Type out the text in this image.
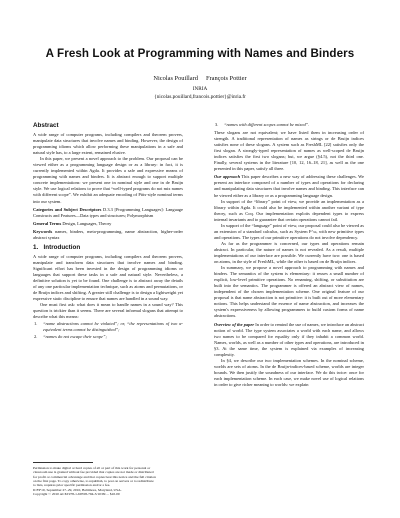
A Fresh Look at Programming with Names and Binders
Nicolas Pouillard     François Pottier
INRIA
{nicolas.pouillard,francois.pottier}@inria.fr
Abstract

A wide range of computer programs, including compilers and theorem provers, manipulate data structures that involve names and binding. However, the design of programming idioms which allow performing these manipulations in a safe and natural style has, to a large extent, remained elusive.

In this paper, we present a novel approach to the problem. Our proposal can be viewed either as a programming language design or as a library: in fact, it is currently implemented within Agda. It provides a safe and expressive means of programming with names and binders. It is abstract enough to support multiple concrete implementations: we present one in nominal style and one in de Bruijn style. We use logical relations to prove that “well-typed programs do not mix names with different scope”. We exhibit an adequate encoding of Pitts-style nominal terms into our system.

Categories and Subject Descriptors D.3.3 [Programming Languages]: Language Constructs and Features—Data types and structures; Polymorphism

General Terms Design, Languages, Theory

Keywords names, binders, meta-programming, name abstraction, higher-order abstract syntax

1.   Introduction

A wide range of computer programs, including compilers and theorem provers, manipulate and transform data structures that involve names and binding. Significant effort has been invested in the design of programming idioms or languages that support these tasks in a safe and natural style. Nevertheless, a definitive solution is yet to be found. One challenge is to abstract away the details of any one particular implementation technique, such as atoms and permutations, or de Bruijn indices and shifting. A greater still challenge is to design a lightweight yet expressive static discipline to ensure that names are handled in a sound way.

One must first ask: what does it mean to handle names in a sound way? This question is trickier than it seems. There are several informal slogans that attempt to describe what this means:

1. “name abstractions cannot be violated”; or, “the representations of two α-equivalent terms cannot be distinguished”;
2. “names do not escape their scope”;
Permission to make digital or hard copies of all or part of this work for personal or
classroom use is granted without fee provided that copies are not made or distributed
for profit or commercial advantage and that copies bear this notice and the full citation
on the first page. To copy otherwise, to republish, to post on servers or to redistribute
to lists, requires prior specific permission and/or a fee.
ICFP'10, September 27–29, 2010, Baltimore, Maryland, USA.
Copyright © 2010 ACM 978-1-60558-794-3/10/09… $10.00
3. “names with different scopes cannot be mixed”.

These slogans are not equivalent; we have listed them in increasing order of strength. A traditional representation of names as strings or de Bruijn indices satisfies none of these slogans. A system such as FreshML [22] satisfies only the first slogan. A strongly-typed representation of names as well-scoped de Bruijn indices satisfies the first two slogans; but, we argue (§4.5), not the third one. Finally, several systems in the literature [10, 12, 16–18, 21], as well as the one presented in this paper, satisfy all three.

Our approach This paper describes a new way of addressing these challenges. We present an interface composed of a number of types and operations for declaring and manipulating data structures that involve names and binding. This interface can be viewed either as a library or as a programming language design.

In support of the “library” point of view, we provide an implementation as a library within Agda. It could also be implemented within another variant of type theory, such as Coq. Our implementation exploits dependent types to express internal invariants and to guarantee that certain operations cannot fail.

In support of the “language” point of view, our proposal could also be viewed as an extension of a standard calculus, such as System F^ω, with new primitive types and operations. The types of our primitive operations do not involve dependency.

As far as the programmer is concerned, our types and operations remain abstract. In particular, the nature of names is not revealed. As a result, multiple implementations of our interface are possible. We currently have two: one is based on atoms, in the style of FreshML, while the other is based on de Bruijn indices.

In summary, we propose a novel approach to programming with names and binders. The semantics of the system is elementary: it reuses a small number of explicit, low-level primitive operations. No renaming, shifting, or substitution are built into the semantics. The programmer is offered an abstract view of names, independent of the chosen implementation scheme. One original feature of our proposal is that name abstraction is not primitive: it is built out of more elementary notions. This helps understand the essence of name abstraction, and increases the system's expressiveness by allowing programmers to build custom forms of name abstractions.

Overview of the paper In order to remind the use of names, we introduce an abstract notion of world. The type system associates a world with each name, and allows two names to be compared for equality only if they inhabit a common world. Names, worlds, as well as a number of other types and operations, are introduced in §3. At the same time, the system is explained via examples of increasing complexity.

In §4, we describe our two implementation schemes. In the nominal scheme, worlds are sets of atoms. In the de Bruijn-indices-based scheme, worlds are integer bounds. We then justify the soundness of our interface. We do this twice: once for each implementation scheme. In each case, we make novel use of logical relations in order to give richer meaning to worlds: we explain
